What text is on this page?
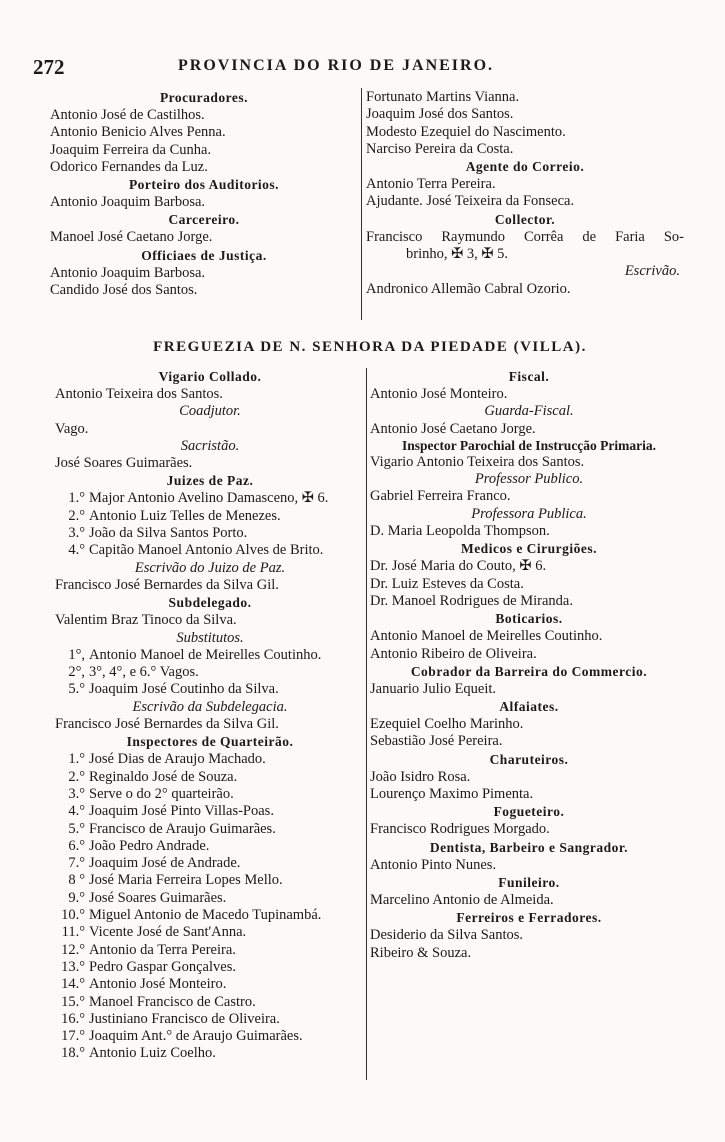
272	PROVINCIA DO RIO DE JANEIRO.
Procuradores.
Antonio José de Castilhos.
Antonio Benicio Alves Penna.
Joaquim Ferreira da Cunha.
Odorico Fernandes da Luz.
Porteiro dos Auditorios.
Antonio Joaquim Barbosa.
Carcereiro.
Manoel José Caetano Jorge.
Officiaes de Justiça.
Antonio Joaquim Barbosa.
Candido José dos Santos.
Fortunato Martins Vianna.
Joaquim José dos Santos.
Modesto Ezequiel do Nascimento.
Narciso Pereira da Costa.
Agente do Correio.
Antonio Terra Pereira.
Ajudante. José Teixeira da Fonseca.
Collector.
Francisco Raymundo Corrêa de Faria So-
brinho, ✠ 3, ✠ 5.
Escrivão.
Andronico Allemão Cabral Ozorio.
FREGUEZIA DE N. SENHORA DA PIEDADE (VILLA).
Vigario Collado.
Antonio Teixeira dos Santos.
Coadjutor.
Vago.
Sacristão.
José Soares Guimarães.
Juizes de Paz.
1.° Major Antonio Avelino Damasceno, ✠ 6.
2.° Antonio Luiz Telles de Menezes.
3.° João da Silva Santos Porto.
4.° Capitão Manoel Antonio Alves de Brito.
Escrivão do Juizo de Paz.
Francisco José Bernardes da Silva Gil.
Subdelegado.
Valentim Braz Tinoco da Silva.
Substitutos.
1°, Antonio Manoel de Meirelles Coutinho.
2°, 3°, 4°, e 6.° Vagos.
5.° Joaquim José Coutinho da Silva.
Escrivão da Subdelegacia.
Francisco José Bernardes da Silva Gil.
Inspectores de Quarteirão.
1.° José Dias de Araujo Machado.
2.° Reginaldo José de Souza.
3.° Serve o do 2° quarteirão.
4.° Joaquim José Pinto Villas-Poas.
5.° Francisco de Araujo Guimarães.
6.° João Pedro Andrade.
7.° Joaquim José de Andrade.
8 ° José Maria Ferreira Lopes Mello.
9.° José Soares Guimarães.
10.° Miguel Antonio de Macedo Tupinambá.
11.° Vicente José de Sant'Anna.
12.° Antonio da Terra Pereira.
13.° Pedro Gaspar Gonçalves.
14.° Antonio José Monteiro.
15.° Manoel Francisco de Castro.
16.° Justiniano Francisco de Oliveira.
17.° Joaquim Ant.° de Araujo Guimarães.
18.° Antonio Luiz Coelho.
Fiscal.
Antonio José Monteiro.
Guarda-Fiscal.
Antonio José Caetano Jorge.
Inspector Parochial de Instrucção Primaria.
Vigario Antonio Teixeira dos Santos.
Professor Publico.
Gabriel Ferreira Franco.
Professora Publica.
D. Maria Leopolda Thompson.
Medicos e Cirurgiões.
Dr. José Maria do Couto, ✠ 6.
Dr. Luiz Esteves da Costa.
Dr. Manoel Rodrigues de Miranda.
Boticarios.
Antonio Manoel de Meirelles Coutinho.
Antonio Ribeiro de Oliveira.
Cobrador da Barreira do Commercio.
Januario Julio Equeit.
Alfaiates.
Ezequiel Coelho Marinho.
Sebastião José Pereira.
Charuteiros.
João Isidro Rosa.
Lourenço Maximo Pimenta.
Fogueteiro.
Francisco Rodrigues Morgado.
Dentista, Barbeiro e Sangrador.
Antonio Pinto Nunes.
Funileiro.
Marcelino Antonio de Almeida.
Ferreiros e Ferradores.
Desiderio da Silva Santos.
Ribeiro & Souza.
